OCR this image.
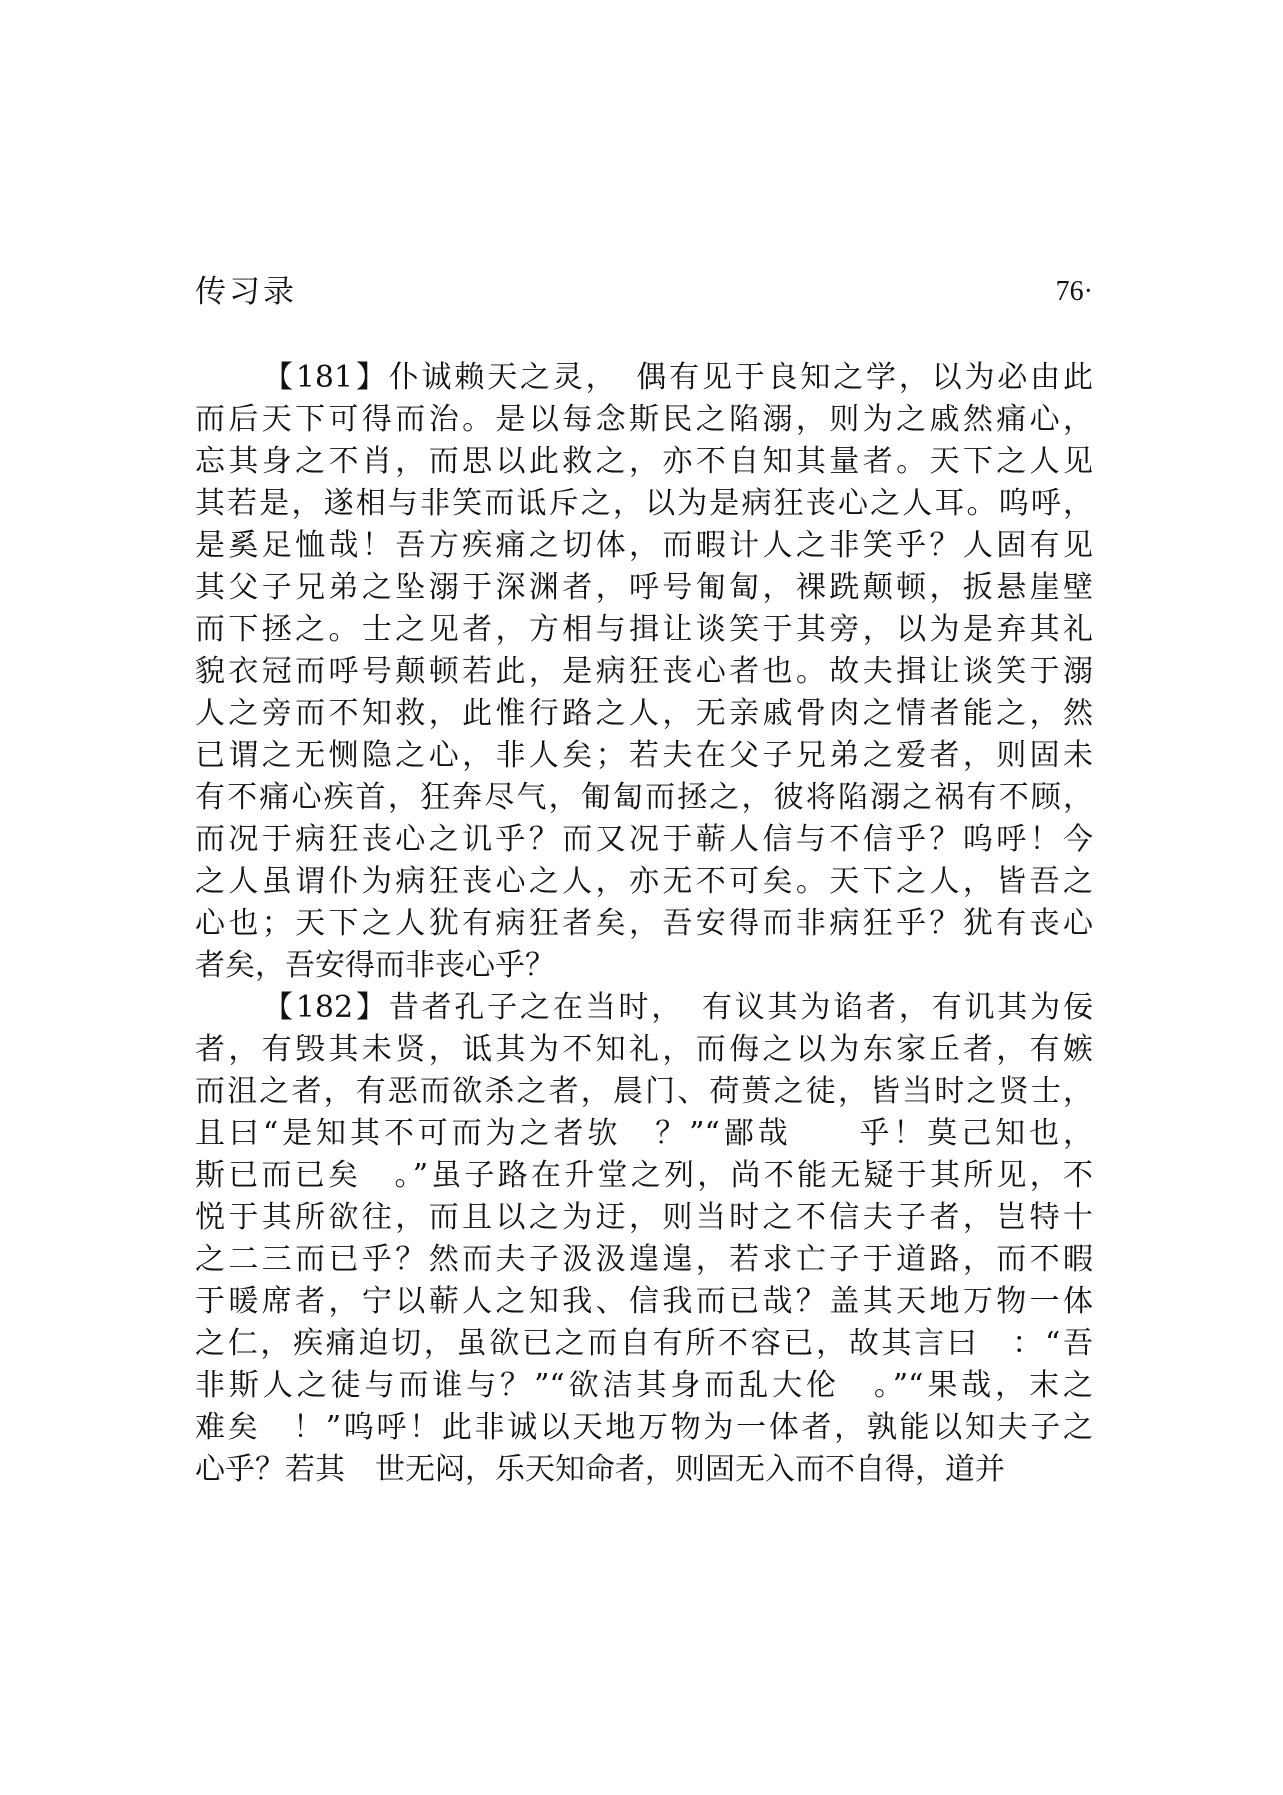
传习录	76·
【181】仆诚赖天之灵，　偶有见于良知之学，以为必由此
而后天下可得而治。是以每念斯民之陷溺，则为之戚然痛心，
忘其身之不肖，而思以此救之，亦不自知其量者。天下之人见
其若是，遂相与非笑而诋斥之，以为是病狂丧心之人耳。呜呼，
是奚足恤哉！吾方疾痛之切体，而暇计人之非笑乎？人固有见
其父子兄弟之坠溺于深渊者，呼号匍匐，裸跣颠顿，扳悬崖壁
而下拯之。士之见者，方相与揖让谈笑于其旁，以为是弃其礼
貌衣冠而呼号颠顿若此，是病狂丧心者也。故夫揖让谈笑于溺
人之旁而不知救，此惟行路之人，无亲戚骨肉之情者能之，然
已谓之无恻隐之心，非人矣；若夫在父子兄弟之爱者，则固未
有不痛心疾首，狂奔尽气，匍匐而拯之，彼将陷溺之祸有不顾，
而况于病狂丧心之讥乎？而又况于蕲人信与不信乎？呜呼！今
之人虽谓仆为病狂丧心之人，亦无不可矣。天下之人，皆吾之
心也；天下之人犹有病狂者矣，吾安得而非病狂乎？犹有丧心
者矣，吾安得而非丧心乎？
【182】昔者孔子之在当时，　有议其为谄者，有讥其为佞
者，有毁其未贤，诋其为不知礼，而侮之以为东家丘者，有嫉
而沮之者，有恶而欲杀之者，晨门、荷蒉之徒，皆当时之贤士，
且曰“是知其不可而为之者欤　？”“鄙哉　　乎！莫己知也，
斯已而已矣　。”虽子路在升堂之列，尚不能无疑于其所见，不
悦于其所欲往，而且以之为迂，则当时之不信夫子者，岂特十
之二三而已乎？然而夫子汲汲遑遑，若求亡子于道路，而不暇
于暖席者，宁以蕲人之知我、信我而已哉？盖其天地万物一体
之仁，疾痛迫切，虽欲已之而自有所不容已，故其言曰　：“吾
非斯人之徒与而谁与？”“欲洁其身而乱大伦　。”“果哉，末之
难矣　！”呜呼！此非诚以天地万物为一体者，孰能以知夫子之
心乎？若其　世无闷，乐天知命者，则固无入而不自得，道并
